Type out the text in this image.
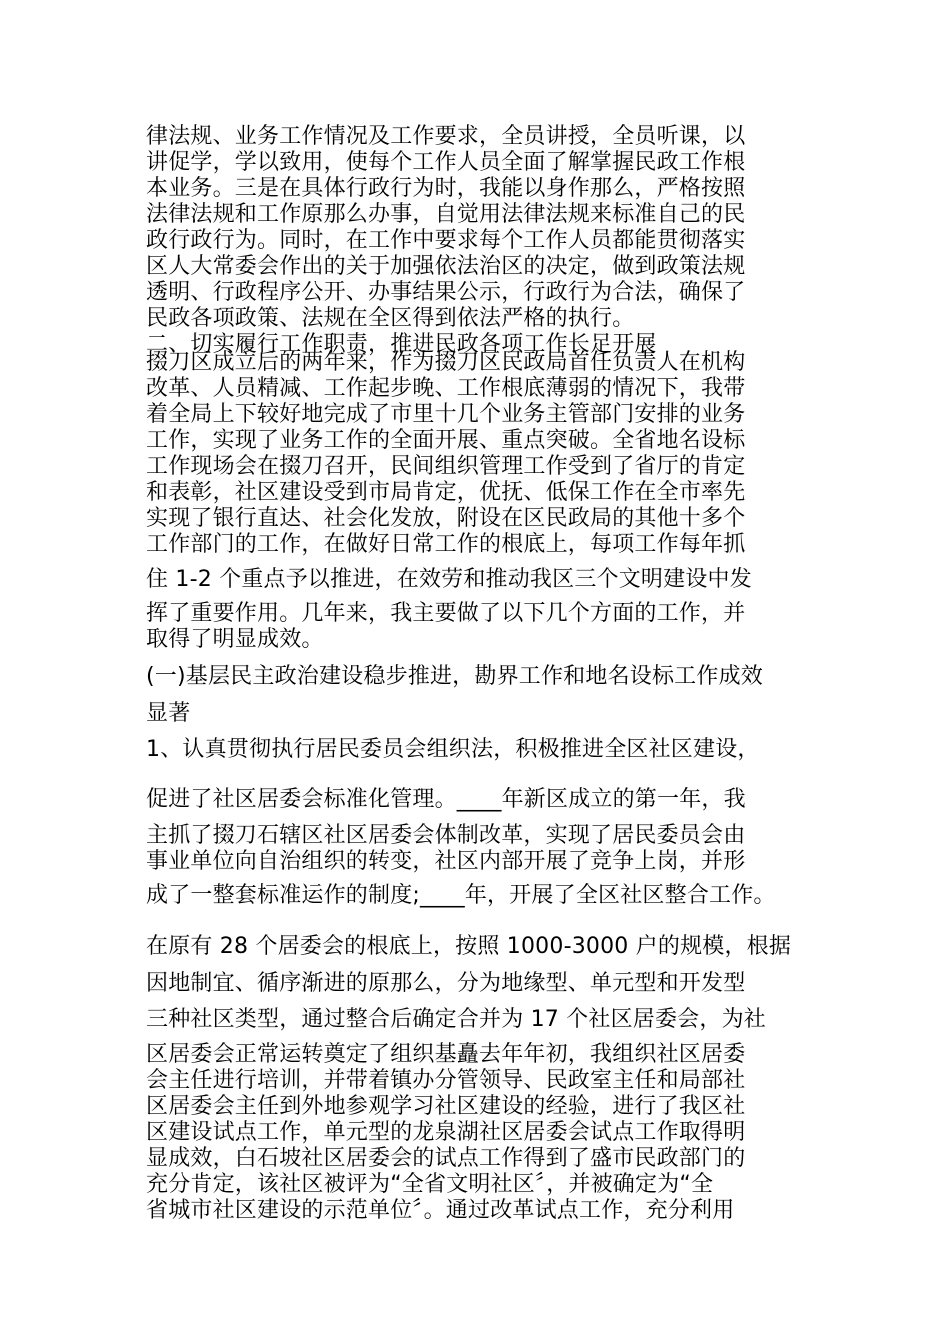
律法规、业务工作情况及工作要求，全员讲授，全员听课，以
讲促学，学以致用，使每个工作人员全面了解掌握民政工作根
本业务。三是在具体行政行为时，我能以身作那么，严格按照
法律法规和工作原那么办事，自觉用法律法规来标准自己的民
政行政行为。同时，在工作中要求每个工作人员都能贯彻落实
区人大常委会作出的关于加强依法治区的决定，做到政策法规
透明、行政程序公开、办事结果公示，行政行为合法，确保了
民政各项政策、法规在全区得到依法严格的执行。
二、切实履行工作职责，推进民政各项工作长足开展
掇刀区成立后的两年来，作为掇刀区民政局首任负责人在机构
改革、人员精减、工作起步晚、工作根底薄弱的情况下，我带
着全局上下较好地完成了市里十几个业务主管部门安排的业务
工作，实现了业务工作的全面开展、重点突破。全省地名设标
工作现场会在掇刀召开，民间组织管理工作受到了省厅的肯定
和表彰，社区建设受到市局肯定，优抚、低保工作在全市率先
实现了银行直达、社会化发放，附设在区民政局的其他十多个
工作部门的工作，在做好日常工作的根底上，每项工作每年抓
住 1-2 个重点予以推进，在效劳和推动我区三个文明建设中发
挥了重要作用。几年来，我主要做了以下几个方面的工作，并
取得了明显成效。
(一)基层民主政治建设稳步推进，勘界工作和地名设标工作成效
显著
1、认真贯彻执行居民委员会组织法，积极推进全区社区建设，
促进了社区居委会标准化管理。____年新区成立的第一年，我
主抓了掇刀石辖区社区居委会体制改革，实现了居民委员会由
事业单位向自治组织的转变，社区内部开展了竞争上岗，并形
成了一整套标准运作的制度;____年，开展了全区社区整合工作。
在原有 28 个居委会的根底上，按照 1000-3000 户的规模，根据
因地制宜、循序渐进的原那么，分为地缘型、单元型和开发型
三种社区类型，通过整合后确定合并为 17 个社区居委会，为社
区居委会正常运转奠定了组织基矗去年年初，我组织社区居委
会主任进行培训，并带着镇办分管领导、民政室主任和局部社
区居委会主任到外地参观学习社区建设的经验，进行了我区社
区建设试点工作，单元型的龙泉湖社区居委会试点工作取得明
显成效，白石坡社区居委会的试点工作得到了盛市民政部门的
充分肯定，该社区被评为“全省文明社区〞，并被确定为“全
省城市社区建设的示范单位〞。通过改革试点工作，充分利用
